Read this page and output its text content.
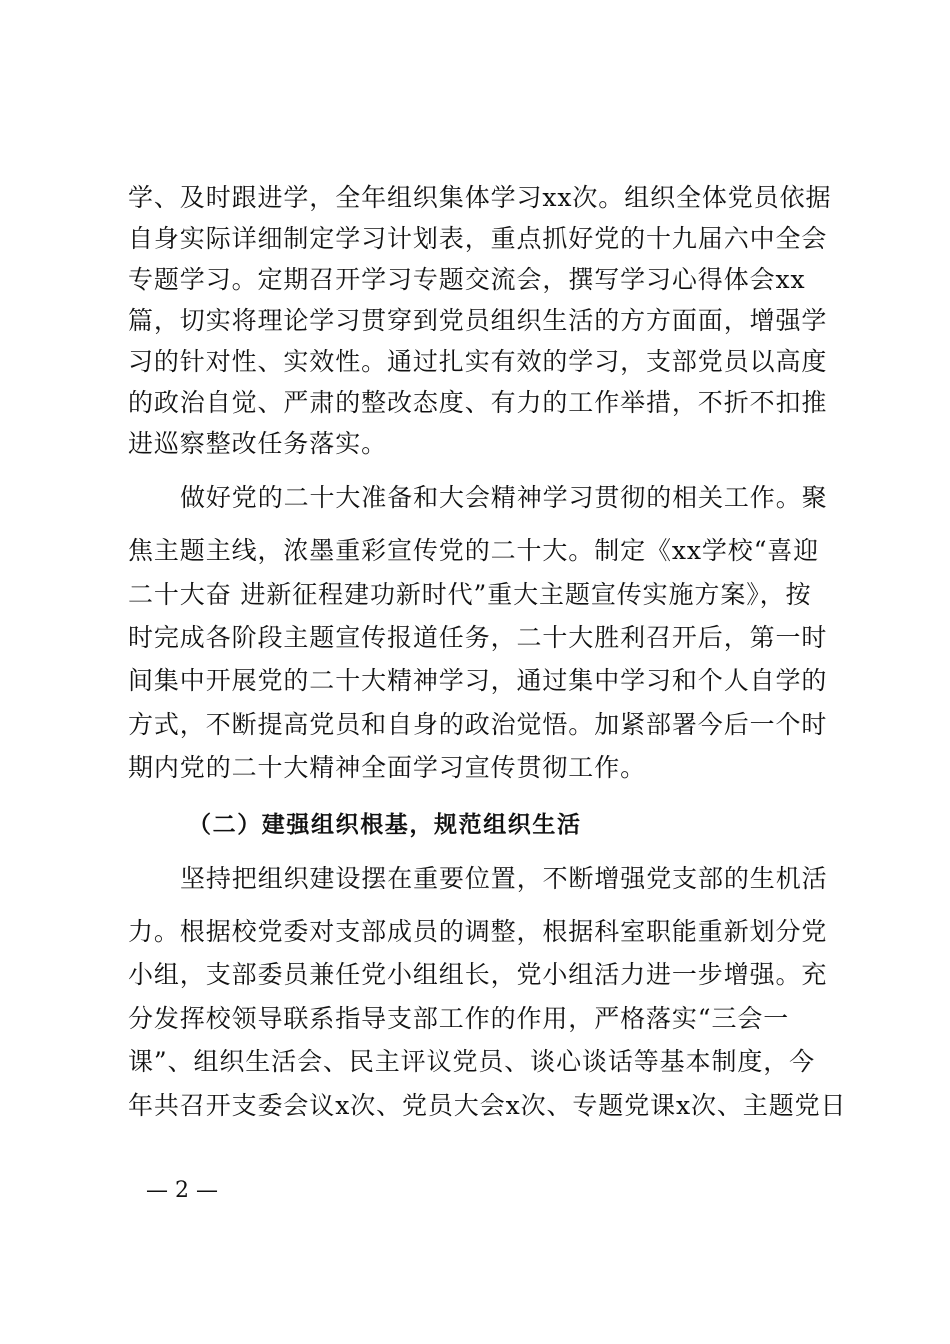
学、及时跟进学，全年组织集体学习xx次。组织全体党员依据
自身实际详细制定学习计划表，重点抓好党的十九届六中全会
专题学习。定期召开学习专题交流会，撰写学习心得体会xx
篇，切实将理论学习贯穿到党员组织生活的方方面面，增强学
习的针对性、实效性。通过扎实有效的学习，支部党员以高度
的政治自觉、严肃的整改态度、有力的工作举措，不折不扣推
进巡察整改任务落实。
做好党的二十大准备和大会精神学习贯彻的相关工作。聚
焦主题主线，浓墨重彩宣传党的二十大。制定《xx学校“喜迎
二十大奋 进新征程建功新时代”重大主题宣传实施方案》，按
时完成各阶段主题宣传报道任务，二十大胜利召开后，第一时
间集中开展党的二十大精神学习，通过集中学习和个人自学的
方式，不断提高党员和自身的政治觉悟。加紧部署今后一个时
期内党的二十大精神全面学习宣传贯彻工作。
（二）建强组织根基，规范组织生活
坚持把组织建设摆在重要位置，不断增强党支部的生机活
力。根据校党委对支部成员的调整，根据科室职能重新划分党
小组，支部委员兼任党小组组长，党小组活力进一步增强。充
分发挥校领导联系指导支部工作的作用，严格落实“三会一
课”、组织生活会、民主评议党员、谈心谈话等基本制度，今
年共召开支委会议x次、党员大会x次、专题党课x次、主题党日
— 2 —
